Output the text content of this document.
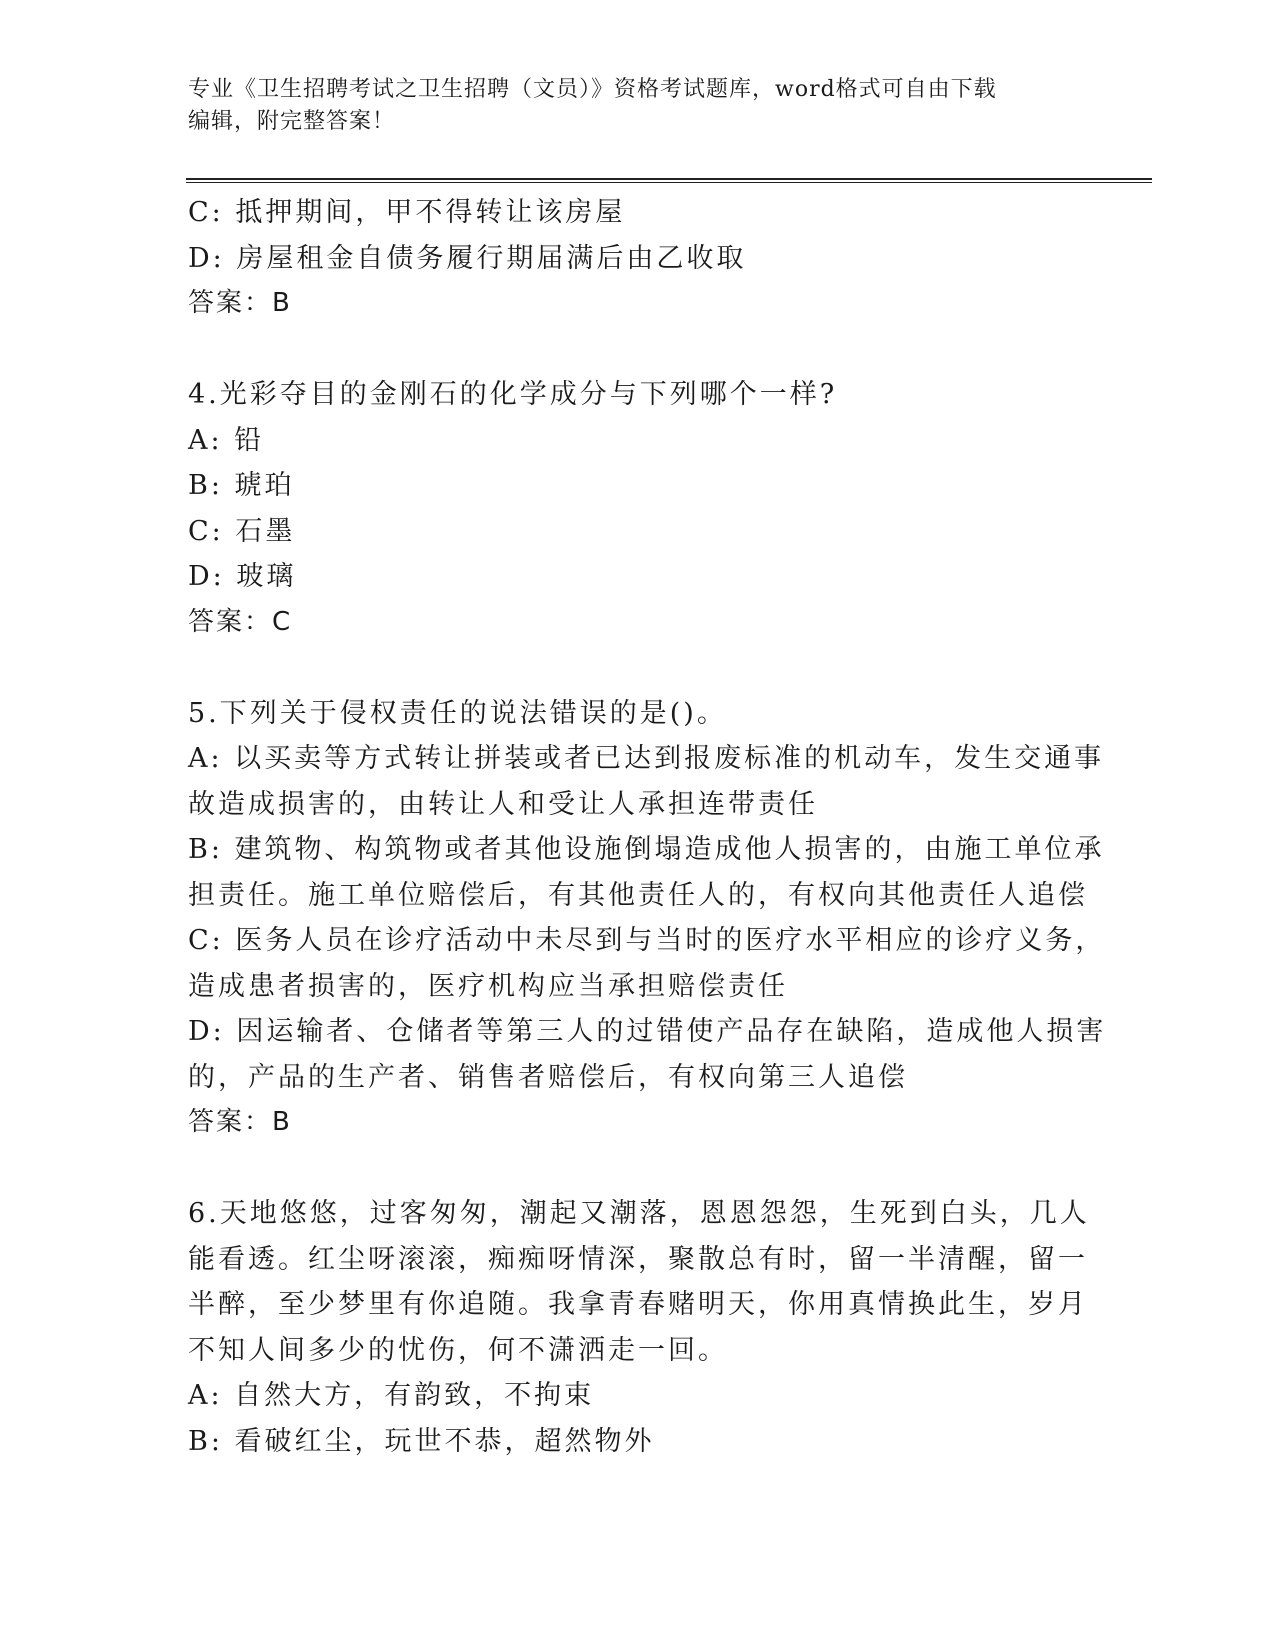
专业《卫生招聘考试之卫生招聘（文员）》资格考试题库，word格式可自由下载
编辑，附完整答案！
C: 抵押期间，甲不得转让该房屋
D: 房屋租金自债务履行期届满后由乙收取
答案：B
4.光彩夺目的金刚石的化学成分与下列哪个一样?
A: 铅
B: 琥珀
C: 石墨
D: 玻璃
答案：C
5.下列关于侵权责任的说法错误的是()。
A: 以买卖等方式转让拼装或者已达到报废标准的机动车，发生交通事
故造成损害的，由转让人和受让人承担连带责任
B: 建筑物、构筑物或者其他设施倒塌造成他人损害的，由施工单位承
担责任。施工单位赔偿后，有其他责任人的，有权向其他责任人追偿
C: 医务人员在诊疗活动中未尽到与当时的医疗水平相应的诊疗义务，
造成患者损害的，医疗机构应当承担赔偿责任
D: 因运输者、仓储者等第三人的过错使产品存在缺陷，造成他人损害
的，产品的生产者、销售者赔偿后，有权向第三人追偿
答案：B
6.天地悠悠，过客匆匆，潮起又潮落，恩恩怨怨，生死到白头，几人
能看透。红尘呀滚滚，痴痴呀情深，聚散总有时，留一半清醒，留一
半醉，至少梦里有你追随。我拿青春赌明天，你用真情换此生，岁月
不知人间多少的忧伤，何不潇洒走一回。
A: 自然大方，有韵致，不拘束
B: 看破红尘，玩世不恭，超然物外
